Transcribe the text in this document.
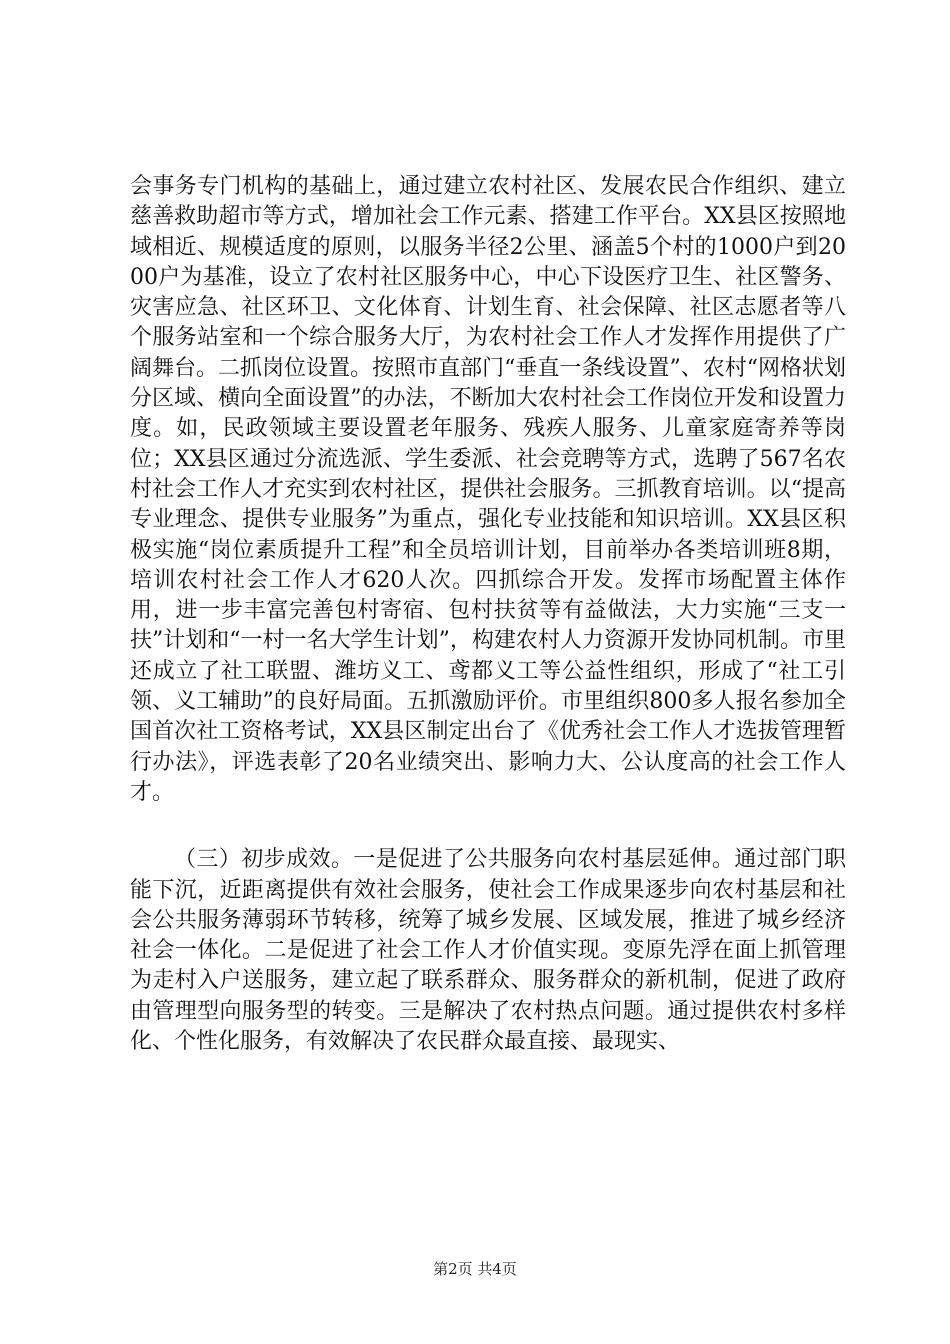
会事务专门机构的基础上，通过建立农村社区、发展农民合作组织、建立慈善救助超市等方式，增加社会工作元素、搭建工作平台。XX县区按照地域相近、规模适度的原则，以服务半径2公里、涵盖5个村的1000户到2000户为基准，设立了农村社区服务中心，中心下设医疗卫生、社区警务、灾害应急、社区环卫、文化体育、计划生育、社会保障、社区志愿者等八个服务站室和一个综合服务大厅，为农村社会工作人才发挥作用提供了广阔舞台。二抓岗位设置。按照市直部门“垂直一条线设置”、农村“网格状划分区域、横向全面设置”的办法，不断加大农村社会工作岗位开发和设置力度。如，民政领域主要设置老年服务、残疾人服务、儿童家庭寄养等岗位；XX县区通过分流选派、学生委派、社会竞聘等方式，选聘了567名农村社会工作人才充实到农村社区，提供社会服务。三抓教育培训。以“提高专业理念、提供专业服务”为重点，强化专业技能和知识培训。XX县区积极实施“岗位素质提升工程”和全员培训计划，目前举办各类培训班8期，培训农村社会工作人才620人次。四抓综合开发。发挥市场配置主体作用，进一步丰富完善包村寄宿、包村扶贫等有益做法，大力实施“三支一扶”计划和“一村一名大学生计划”，构建农村人力资源开发协同机制。市里还成立了社工联盟、潍坊义工、鸢都义工等公益性组织，形成了“社工引领、义工辅助”的良好局面。五抓激励评价。市里组织800多人报名参加全国首次社工资格考试，XX县区制定出台了《优秀社会工作人才选拔管理暂行办法》，评选表彰了20名业绩突出、影响力大、公认度高的社会工作人才。

（三）初步成效。一是促进了公共服务向农村基层延伸。通过部门职能下沉，近距离提供有效社会服务，使社会工作成果逐步向农村基层和社会公共服务薄弱环节转移，统筹了城乡发展、区域发展，推进了城乡经济社会一体化。二是促进了社会工作人才价值实现。变原先浮在面上抓管理为走村入户送服务，建立起了联系群众、服务群众的新机制，促进了政府由管理型向服务型的转变。三是解决了农村热点问题。通过提供农村多样化、个性化服务，有效解决了农民群众最直接、最现实、

第2页 共4页
